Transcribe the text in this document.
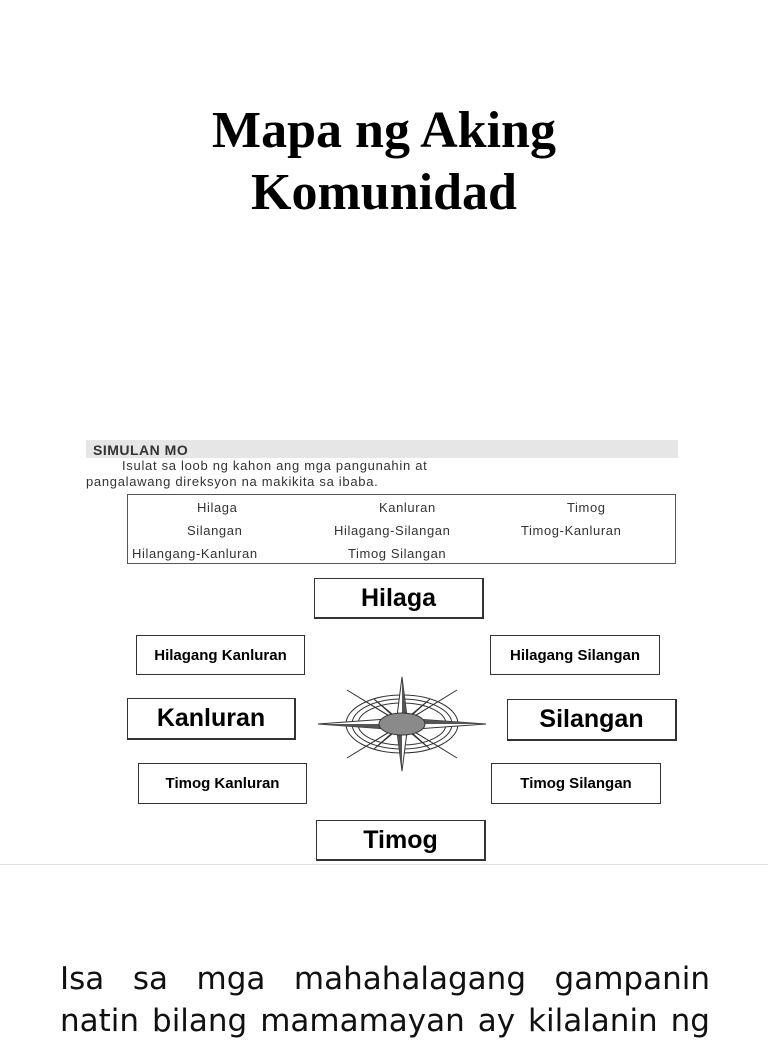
Mapa ng Aking
Komunidad
SIMULAN MO
Isulat sa loob ng kahon ang mga pangunahin at
pangalawang direksyon na makikita sa ibaba.
Hilaga	Kanluran	Timog
Silangan	Hilagang-Silangan	Timog-Kanluran
Hilangang-Kanluran	Timog Silangan
Hilaga
Hilagang Kanluran	Hilagang Silangan
Kanluran	Silangan
Timog Kanluran	Timog Silangan
Timog
Isa sa mga mahahalagang gampanin
natin bilang mamamayan ay kilalanin ng
